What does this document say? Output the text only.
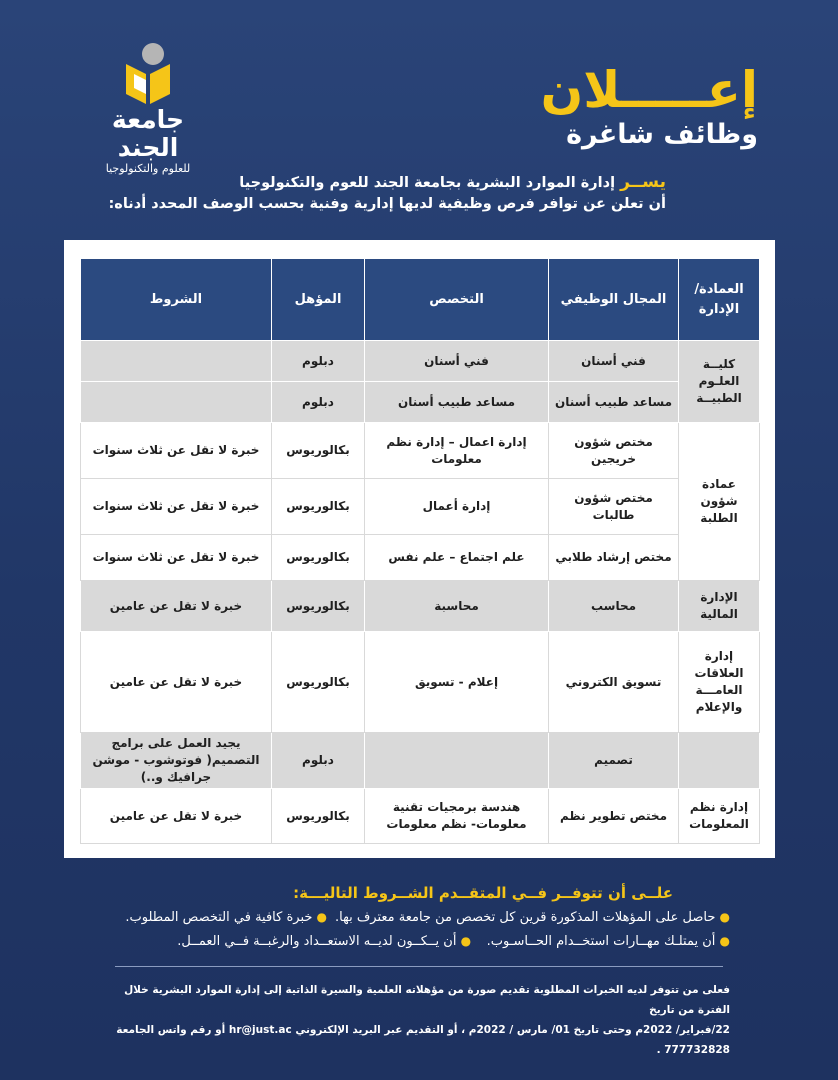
جامعة الجند
للعلوم والتكنولوجيا
إعـــــلان
وظائف شاغرة
يســر إدارة الموارد البشرية بجامعة الجند للعوم والتكنولوجيا
أن تعلن عن توافر فرص وظيفية لديها إدارية وفنية بحسب الوصف المحدد أدناه:
العمادة/ الإدارة	المجال الوظيفي	التخصص	المؤهل	الشروط
كليــة العلـوم الطبيــة	فني أسنان	فني أسنان	دبلوم	
	مساعد طبيب أسنان	مساعد طبيب أسنان	دبلوم	
عمادة شؤون الطلبة	مختص شؤون خريجين	إدارة اعمال – إدارة نظم معلومات	بكالوريوس	خبرة لا تقل عن ثلاث سنوات
	مختص شؤون طالبات	إدارة أعمال	بكالوريوس	خبرة لا تقل عن ثلاث سنوات
	مختص إرشاد طلابي	علم اجتماع – علم نفس	بكالوريوس	خبرة لا تقل عن ثلاث سنوات
الإدارة المالية	محاسب	محاسبة	بكالوريوس	خبرة لا تقل عن عامين
إدارة العلاقات العامـــة والإعلام	تسويق الكتروني	إعلام - تسويق	بكالوريوس	خبرة لا تقل عن عامين
	تصميم		دبلوم	يجيد العمل على برامج التصميم( فوتوشوب - موشن جرافيك و..)
إدارة نظم المعلومات	مختص تطوير نظم	هندسة برمجيات تقنية معلومات- نظم معلومات	بكالوريوس	خبرة لا تقل عن عامين
علــى أن تتوفــر فــي المتقــدم الشــروط التاليـــة:
● حاصل على المؤهلات المذكورة قرين كل تخصص من جامعة معترف بها.  ● خبرة كافية في التخصص المطلوب.
● أن يمتلـك مهــارات استخــدام الحــاسـوب.    ● أن يــكــون لديــه الاستعــداد والرغبــة فــي العمــل.
فعلى من تتوفر لديه الخبرات المطلوبة تقديم صورة من مؤهلاته العلمية والسيرة الذاتية إلى إدارة الموارد البشرية خلال الفترة من تاريخ
22/فبراير/ 2022م وحتى تاريخ 01/ مارس / 2022م ، أو التقديم عبر البريد الإلكتروني hr@just.ac أو رقم واتس الجامعة 777732828 .
